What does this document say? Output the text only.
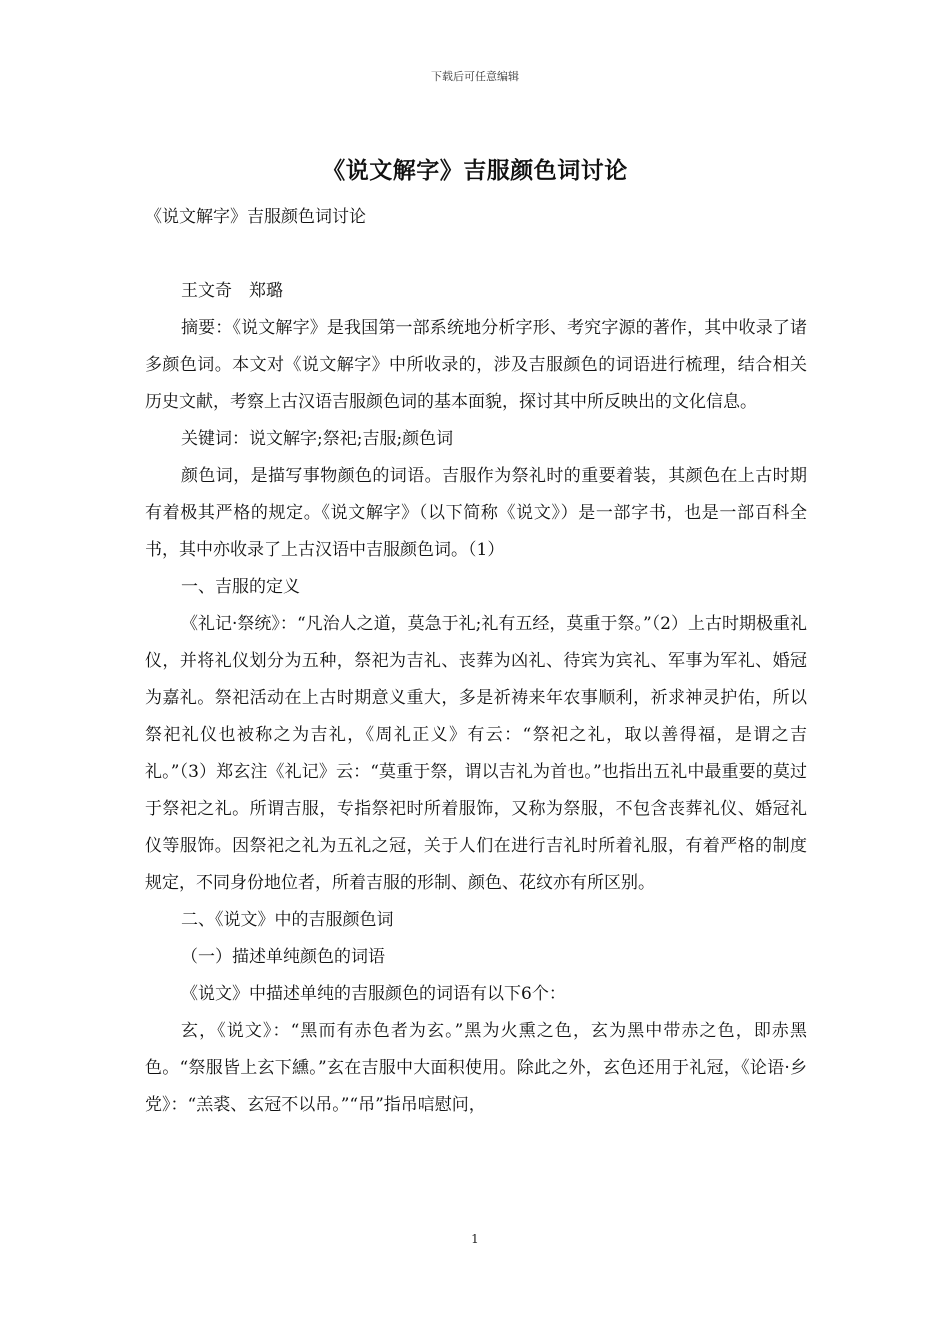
下载后可任意编辑
《说文解字》吉服颜色词讨论

《说文解字》吉服颜色词讨论

王文奇　郑璐

摘要：《说文解字》是我国第一部系统地分析字形、考究字源的著作，其中收录了诸多颜色词。本文对《说文解字》中所收录的，涉及吉服颜色的词语进行梳理，结合相关历史文献，考察上古汉语吉服颜色词的基本面貌，探讨其中所反映出的文化信息。

关键词：说文解字;祭祀;吉服;颜色词

颜色词，是描写事物颜色的词语。吉服作为祭礼时的重要着装，其颜色在上古时期有着极其严格的规定。《说文解字》（以下简称《说文》）是一部字书，也是一部百科全书，其中亦收录了上古汉语中吉服颜色词。（1）

一、吉服的定义

《礼记·祭统》：“凡治人之道，莫急于礼;礼有五经，莫重于祭。”（2）上古时期极重礼仪，并将礼仪划分为五种，祭祀为吉礼、丧葬为凶礼、待宾为宾礼、军事为军礼、婚冠为嘉礼。祭祀活动在上古时期意义重大，多是祈祷来年农事顺利，祈求神灵护佑，所以祭祀礼仪也被称之为吉礼，《周礼正义》有云：“祭祀之礼，取以善得福，是谓之吉礼。”（3）郑玄注《礼记》云：“莫重于祭，谓以吉礼为首也。”也指出五礼中最重要的莫过于祭祀之礼。所谓吉服，专指祭祀时所着服饰，又称为祭服，不包含丧葬礼仪、婚冠礼仪等服饰。因祭祀之礼为五礼之冠，关于人们在进行吉礼时所着礼服，有着严格的制度规定，不同身份地位者，所着吉服的形制、颜色、花纹亦有所区别。

二、《说文》中的吉服颜色词

（一）描述单纯颜色的词语

《说文》中描述单纯的吉服颜色的词语有以下6个：

玄，《说文》：“黑而有赤色者为玄。”黑为火熏之色，玄为黑中带赤之色，即赤黑色。“祭服皆上玄下纁。”玄在吉服中大面积使用。除此之外，玄色还用于礼冠，《论语·乡党》：“羔裘、玄冠不以吊。”“吊”指吊唁慰问，

1
